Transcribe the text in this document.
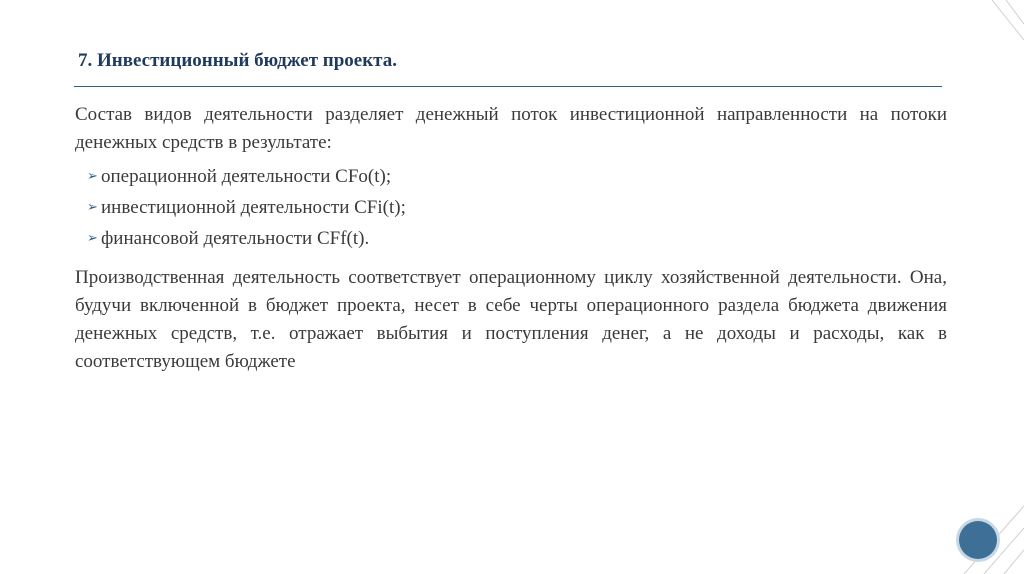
7. Инвестиционный бюджет проекта.

Состав видов деятельности разделяет денежный поток инвестиционной направленности на потоки денежных средств в результате:

➢ операционной деятельности CFo(t);
➢ инвестиционной деятельности CFi(t);
➢ финансовой деятельности CFf(t).

Производственная деятельность соответствует операционному циклу хозяйственной деятельности. Она, будучи включенной в бюджет проекта, несет в себе черты операционного раздела бюджета движения денежных средств, т.е. отражает выбытия и поступления денег, а не доходы и расходы, как в соответствующем бюджете
